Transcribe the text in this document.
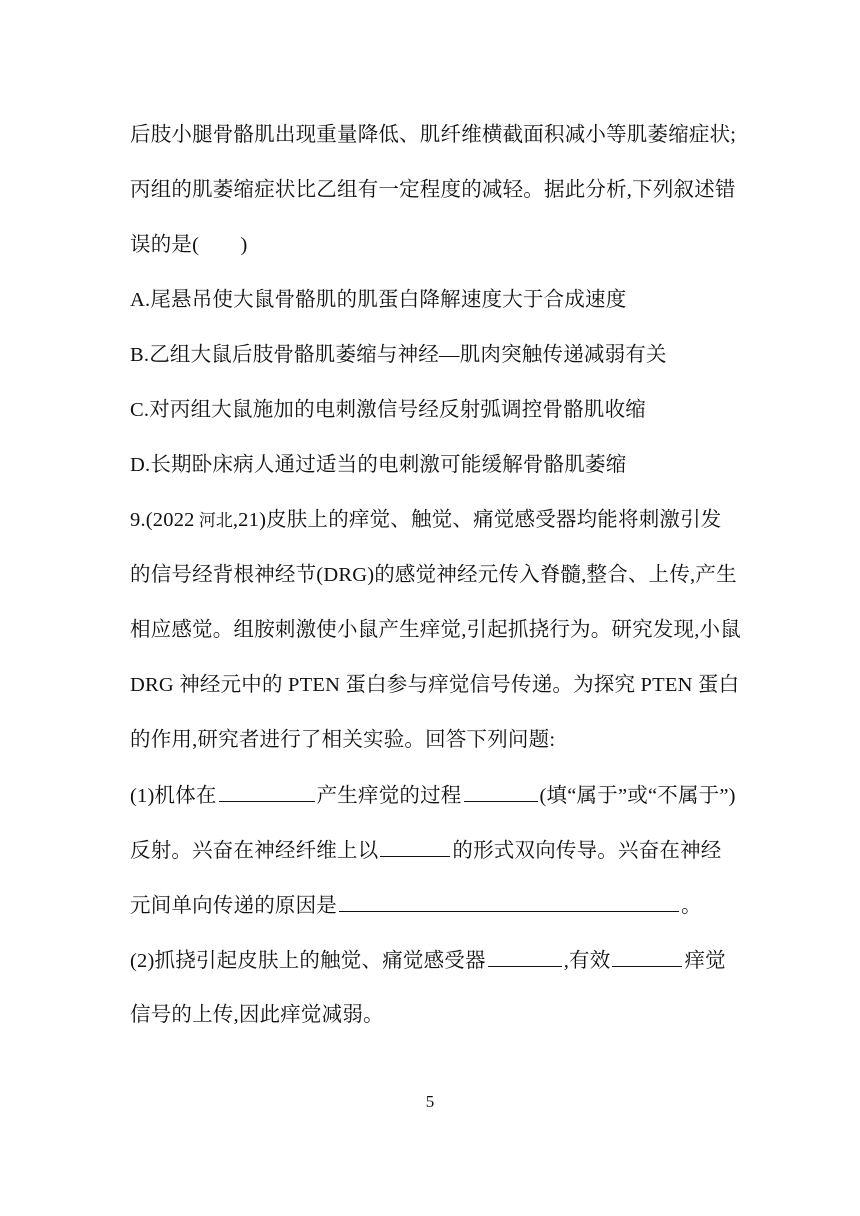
后肢小腿骨骼肌出现重量降低、肌纤维横截面积减小等肌萎缩症状;
丙组的肌萎缩症状比乙组有一定程度的减轻。据此分析,下列叙述错
误的是(　　)
A.尾悬吊使大鼠骨骼肌的肌蛋白降解速度大于合成速度
B.乙组大鼠后肢骨骼肌萎缩与神经—肌肉突触传递减弱有关
C.对丙组大鼠施加的电刺激信号经反射弧调控骨骼肌收缩
D.长期卧床病人通过适当的电刺激可能缓解骨骼肌萎缩
9.(2022 河北,21)皮肤上的痒觉、触觉、痛觉感受器均能将刺激引发
的信号经背根神经节(DRG)的感觉神经元传入脊髓,整合、上传,产生
相应感觉。组胺刺激使小鼠产生痒觉,引起抓挠行为。研究发现,小鼠
DRG 神经元中的 PTEN 蛋白参与痒觉信号传递。为探究 PTEN 蛋白
的作用,研究者进行了相关实验。回答下列问题:
(1)机体在	产生痒觉的过程	(填“属于”或“不属于”)
反射。兴奋在神经纤维上以	的形式双向传导。兴奋在神经
元间单向传递的原因是	。
(2)抓挠引起皮肤上的触觉、痛觉感受器	,有效	痒觉
信号的上传,因此痒觉减弱。
5
